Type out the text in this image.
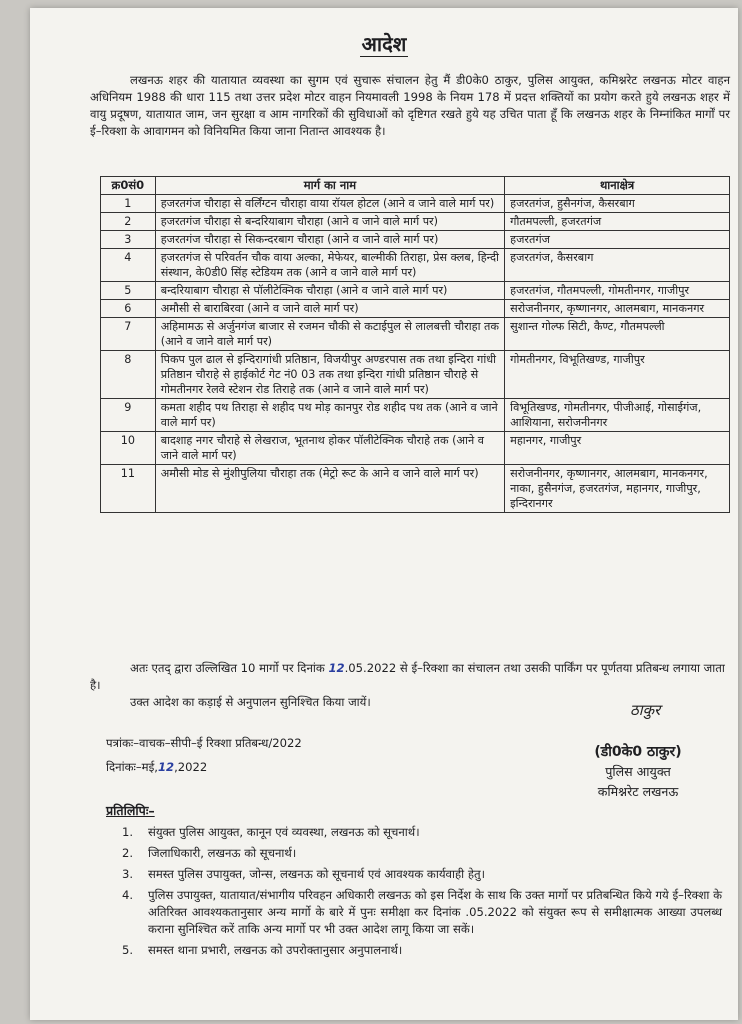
आदेश
लखनऊ शहर की यातायात व्यवस्था का सुगम एवं सुचारू संचालन हेतु मैं डी0के0 ठाकुर, पुलिस आयुक्त, कमिश्नरेट लखनऊ मोटर वाहन अधिनियम 1988 की धारा 115 तथा उत्तर प्रदेश मोटर वाहन नियमावली 1998 के नियम 178 में प्रदत्त शक्तियों का प्रयोग करते हुये लखनऊ शहर में वायु प्रदूषण, यातायात जाम, जन सुरक्षा व आम नागरिकों की सुविधाओं को दृष्टिगत रखते हुये यह उचित पाता हूँ कि लखनऊ शहर के निम्नांकित मार्गों पर ई–रिक्शा के आवागमन को विनियमित किया जाना नितान्त आवश्यक है।
क्र0सं0	मार्ग का नाम	थानाक्षेत्र
1	हजरतगंज चौराहा से वर्लिंग्टन चौराहा वाया रॉयल होटल (आने व जाने वाले मार्ग पर)	हजरतगंज, हुसैनगंज, कैसरबाग
2	हजरतगंज चौराहा से बन्दरियाबाग चौराहा (आने व जाने वाले मार्ग पर)	गौतमपल्ली, हजरतगंज
3	हजरतगंज चौराहा से सिकन्दरबाग चौराहा (आने व जाने वाले मार्ग पर)	हजरतगंज
4	हजरतगंज से परिवर्तन चौक वाया अल्का, मेफेयर, बाल्मीकी तिराहा, प्रेस क्लब, हिन्दी संस्थान, के0डी0 सिंह स्टेडियम तक (आने व जाने वाले मार्ग पर)	हजरतगंज, कैसरबाग
5	बन्दरियाबाग चौराहा से पॉलीटेक्निक चौराहा (आने व जाने वाले मार्ग पर)	हजरतगंज, गौतमपल्ली, गोमतीनगर, गाजीपुर
6	अमौसी से बाराबिरवा (आने व जाने वाले मार्ग पर)	सरोजनीनगर, कृष्णानगर, आलमबाग, मानकनगर
7	अहिमामऊ से अर्जुनगंज बाजार से रजमन चौकी से कटाईपुल से लालबत्ती चौराहा तक (आने व जाने वाले मार्ग पर)	सुशान्त गोल्फ सिटी, कैण्ट, गौतमपल्ली
8	पिकप पुल ढाल से इन्दिरागांधी प्रतिष्ठान, विजयीपुर अण्डरपास तक तथा इन्दिरा गांधी प्रतिष्ठान चौराहे से हाईकोर्ट गेट नं0 03 तक तथा इन्दिरा गांधी प्रतिष्ठान चौराहे से गोमतीनगर रेलवे स्टेशन रोड तिराहे तक (आने व जाने वाले मार्ग पर)	गोमतीनगर, विभूतिखण्ड, गाजीपुर
9	कमता शहीद पथ तिराहा से शहीद पथ मोड़ कानपुर रोड शहीद पथ तक (आने व जाने वाले मार्ग पर)	विभूतिखण्ड, गोमतीनगर, पीजीआई, गोसाईगंज, आशियाना, सरोजनीनगर
10	बादशाह नगर चौराहे से लेखराज, भूतनाथ होकर पॉलीटेक्निक चौराहे तक (आने व जाने वाले मार्ग पर)	महानगर, गाजीपुर
11	अमौसी मोड से मुंशीपुलिया चौराहा तक (मेट्रो रूट के आने व जाने वाले मार्ग पर)	सरोजनीनगर, कृष्णानगर, आलमबाग, मानकनगर, नाका, हुसैनगंज, हजरतगंज, महानगर, गाजीपुर, इन्दिरानगर

अतः एतद् द्वारा उल्लिखित 10 मार्गो पर दिनांक 12.05.2022 से ई–रिक्शा का संचालन तथा उसकी पार्किंग पर पूर्णतया प्रतिबन्ध लगाया जाता है।

उक्त आदेश का कड़ाई से अनुपालन सुनिश्चित किया जायें।

पत्रांकः–वाचक–सीपी–ई रिक्शा प्रतिबन्ध/2022
दिनांकः–मई,12,2022
ठाकुर
(डी0के0 ठाकुर)
पुलिस आयुक्त
कमिश्नरेट लखनऊ
प्रतिलिपिः–
1.	संयुक्त पुलिस आयुक्त, कानून एवं व्यवस्था, लखनऊ को सूचनार्थ।
2.	जिलाधिकारी, लखनऊ को सूचनार्थ।
3.	समस्त पुलिस उपायुक्त, जोन्स, लखनऊ को सूचनार्थ एवं आवश्यक कार्यवाही हेतु।
4.	पुलिस उपायुक्त, यातायात/संभागीय परिवहन अधिकारी लखनऊ को इस निर्देश के साथ कि उक्त मार्गो पर प्रतिबन्धित किये गये ई–रिक्शा के अतिरिक्त आवश्यकतानुसार अन्य मार्गो के बारे में पुनः समीक्षा कर दिनांक .05.2022 को संयुक्त रूप से समीक्षात्मक आख्या उपलब्ध कराना सुनिश्चित करें ताकि अन्य मार्गो पर भी उक्त आदेश लागू किया जा सकें।
5.	समस्त थाना प्रभारी, लखनऊ को उपरोक्तानुसार अनुपालनार्थ।
